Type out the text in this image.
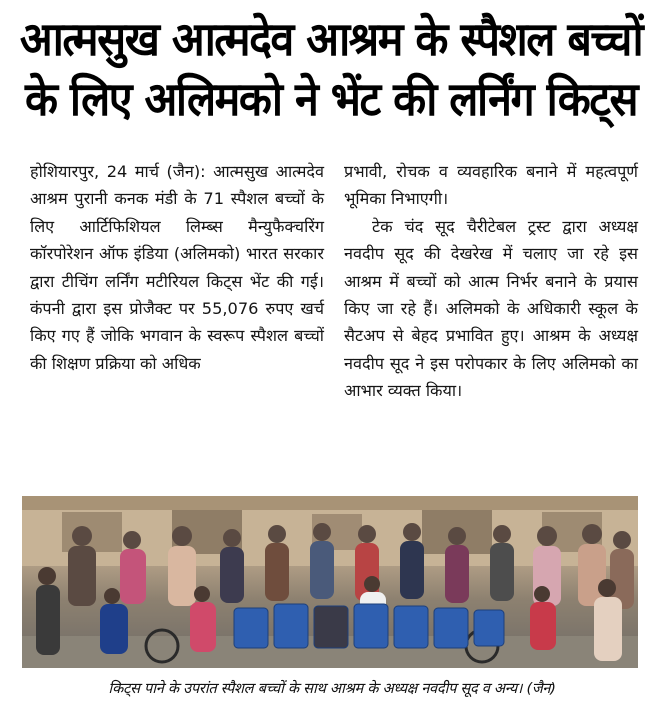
आत्मसुख आत्मदेव आश्रम के स्पैशल बच्चों
के लिए अलिमको ने भेंट की लर्निंग किट्स

होशियारपुर, 24 मार्च (जैन): आत्मसुख आत्मदेव आश्रम पुरानी कनक मंडी के 71 स्पैशल बच्चों के लिए आर्टिफिशियल लिम्ब्स मैन्युफैक्चरिंग कॉरपोरेशन ऑफ इंडिया (अलिमको) भारत सरकार द्वारा टीचिंग लर्निंग मटीरियल किट्स भेंट की गई। कंपनी द्वारा इस प्रोजैक्ट पर 55,076 रुपए खर्च किए गए हैं जोकि भगवान के स्वरूप स्पैशल बच्चों की शिक्षण प्रक्रिया को अधिक

प्रभावी, रोचक व व्यवहारिक बनाने में महत्वपूर्ण भूमिका निभाएगी।

टेक चंद सूद चैरीटेबल ट्रस्ट द्वारा अध्यक्ष नवदीप सूद की देखरेख में चलाए जा रहे इस आश्रम में बच्चों को आत्म निर्भर बनाने के प्रयास किए जा रहे हैं। अलिमको के अधिकारी स्कूल के सैटअप से बेहद प्रभावित हुए। आश्रम के अध्यक्ष नवदीप सूद ने इस परोपकार के लिए अलिमको का आभार व्यक्त किया।

किट्स पाने के उपरांत स्पैशल बच्चों के साथ आश्रम के अध्यक्ष नवदीप सूद व अन्य। (जैन)
